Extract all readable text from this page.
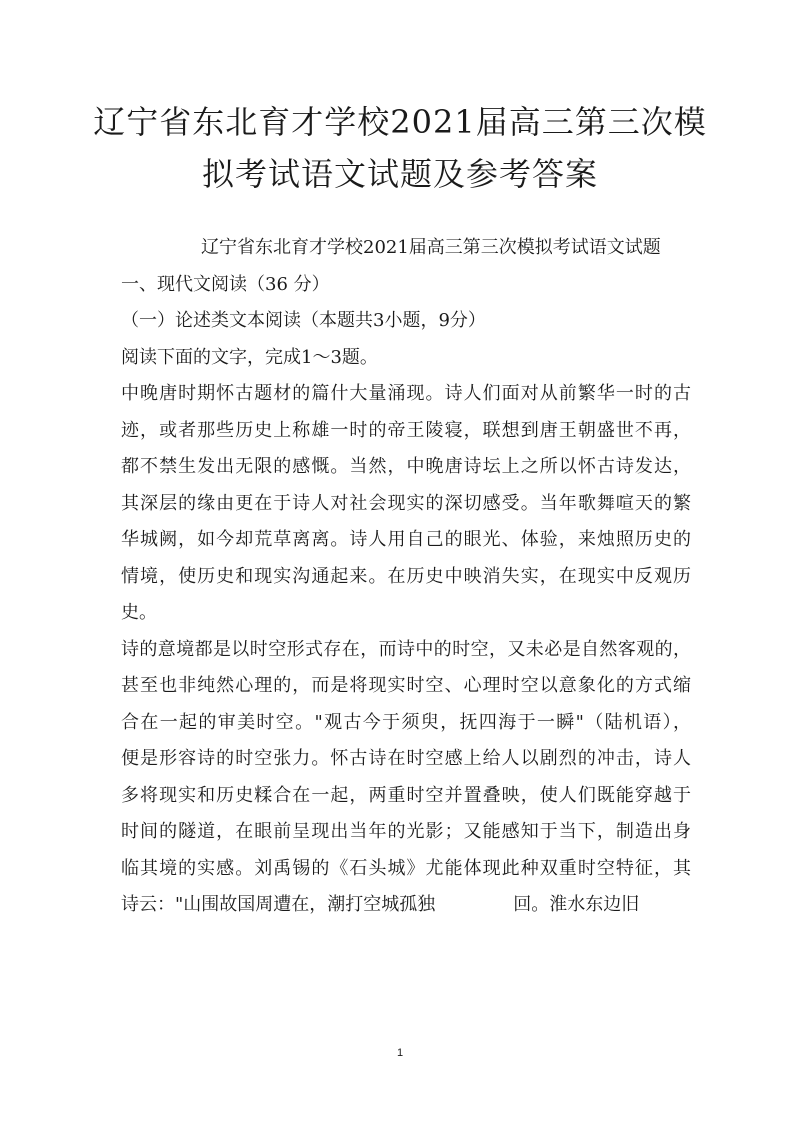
辽宁省东北育才学校2021届高三第三次模
拟考试语文试题及参考答案
辽宁省东北育才学校2021届高三第三次模拟考试语文试题
一、现代文阅读（36 分）
（一）论述类文本阅读（本题共3小题，9分）
阅读下面的文字，完成1～3题。
中晚唐时期怀古题材的篇什大量涌现。诗人们面对从前繁华一时的古
迹，或者那些历史上称雄一时的帝王陵寝，联想到唐王朝盛世不再，
都不禁生发出无限的感慨。当然，中晚唐诗坛上之所以怀古诗发达，
其深层的缘由更在于诗人对社会现实的深切感受。当年歌舞喧天的繁
华城阙，如今却荒草离离。诗人用自己的眼光、体验，来烛照历史的
情境，使历史和现实沟通起来。在历史中映消失实，在现实中反观历
史。
诗的意境都是以时空形式存在，而诗中的时空，又未必是自然客观的，
甚至也非纯然心理的，而是将现实时空、心理时空以意象化的方式缩
合在一起的审美时空。"观古今于须臾，抚四海于一瞬"（陆机语），
便是形容诗的时空张力。怀古诗在时空感上给人以剧烈的冲击，诗人
多将现实和历史糅合在一起，两重时空并置叠映，使人们既能穿越于
时间的隧道，在眼前呈现出当年的光影；又能感知于当下，制造出身
临其境的实感。刘禹锡的《石头城》尤能体现此种双重时空特征，其
诗云："山围故国周遭在，潮打空城孤独	回。淮水东边旧
1
